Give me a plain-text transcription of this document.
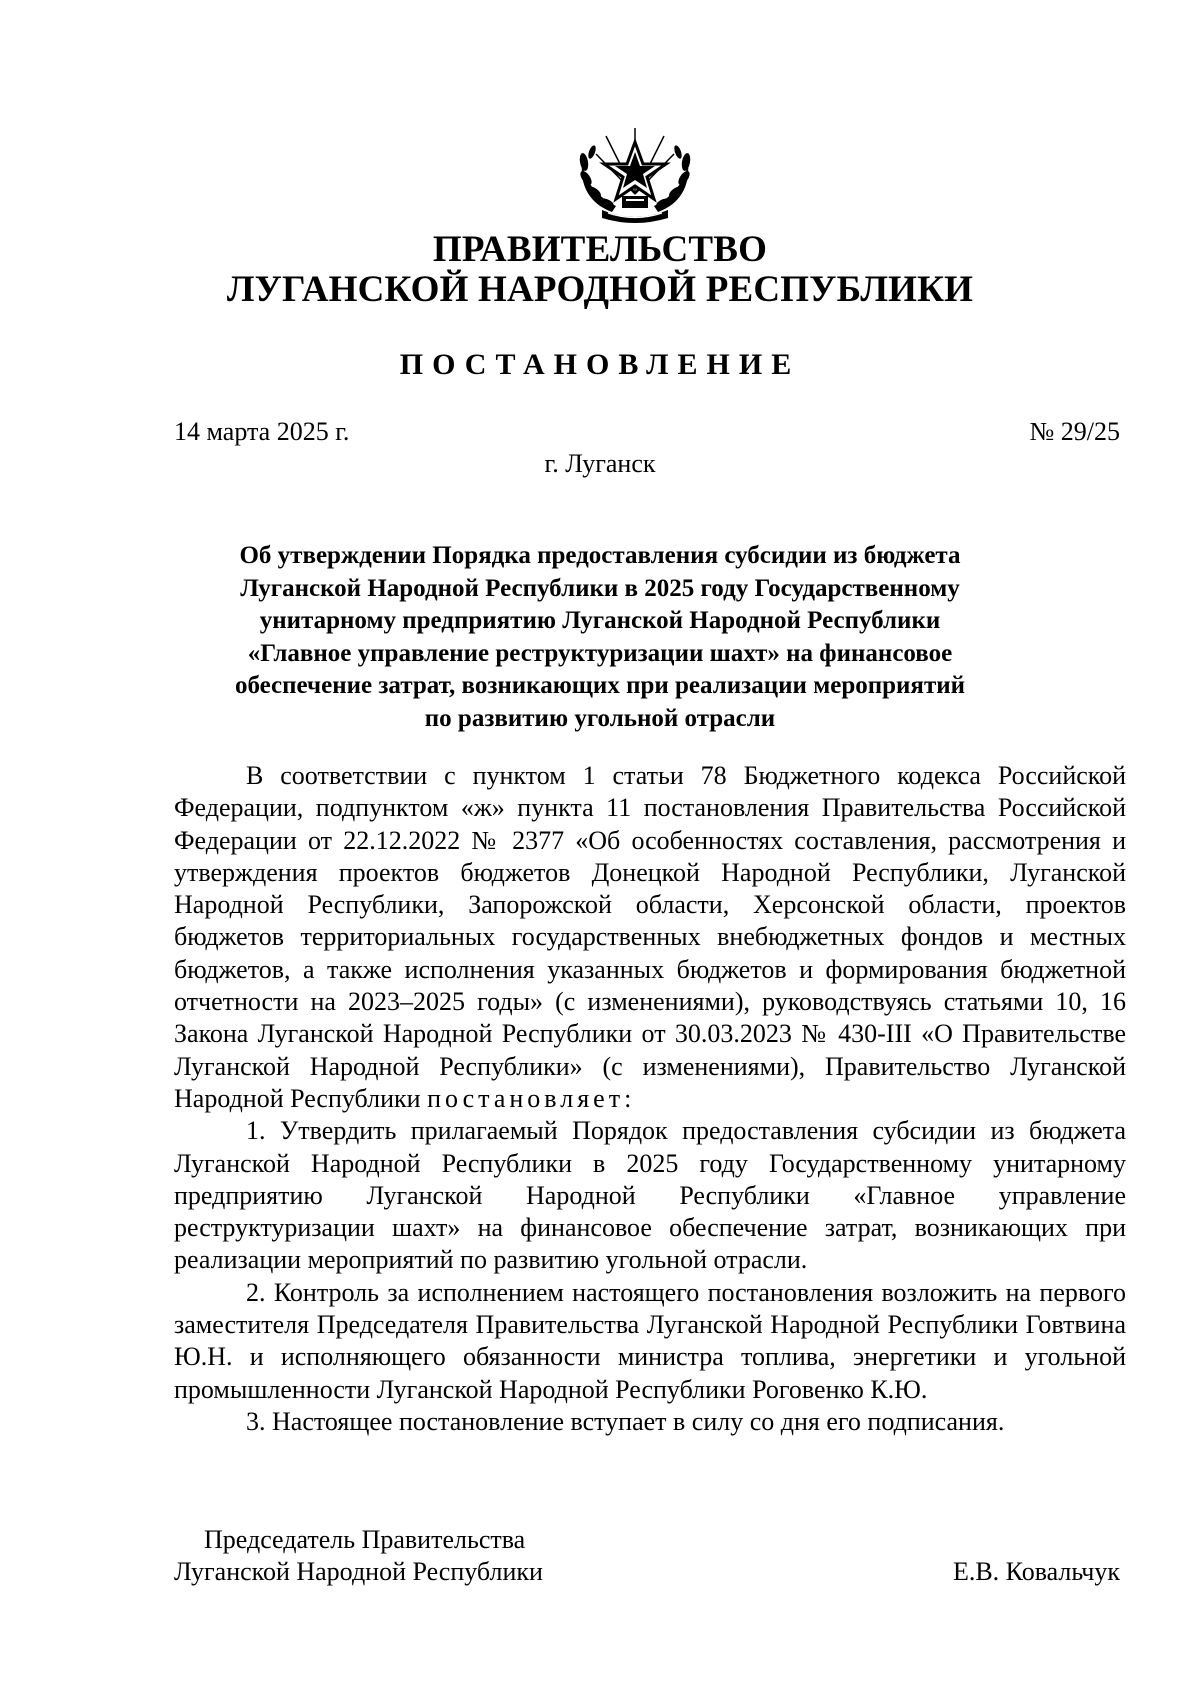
ПРАВИТЕЛЬСТВО
ЛУГАНСКОЙ НАРОДНОЙ РЕСПУБЛИКИ
ПОСТАНОВЛЕНИЕ
14 марта 2025 г.	№ 29/25
г. Луганск
Об утверждении Порядка предоставления субсидии из бюджета
Луганской Народной Республики в 2025 году Государственному
унитарному предприятию Луганской Народной Республики
«Главное управление реструктуризации шахт» на финансовое
обеспечение затрат, возникающих при реализации мероприятий
по развитию угольной отрасли

В соответствии с пунктом 1 статьи 78 Бюджетного кодекса Российской Федерации, подпунктом «ж» пункта 11 постановления Правительства Российской Федерации от 22.12.2022 № 2377 «Об особенностях составления, рассмотрения и утверждения проектов бюджетов Донецкой Народной Республики, Луганской Народной Республики, Запорожской области, Херсонской области, проектов бюджетов территориальных государственных внебюджетных фондов и местных бюджетов, а также исполнения указанных бюджетов и формирования бюджетной отчетности на 2023–2025 годы» (с изменениями), руководствуясь статьями 10, 16 Закона Луганской Народной Республики от 30.03.2023 № 430-III «О Правительстве Луганской Народной Республики» (с изменениями), Правительство Луганской Народной Республики постановляет:

1. Утвердить прилагаемый Порядок предоставления субсидии из бюджета Луганской Народной Республики в 2025 году Государственному унитарному предприятию Луганской Народной Республики «Главное управление реструктуризации шахт» на финансовое обеспечение затрат, возникающих при реализации мероприятий по развитию угольной отрасли.

2. Контроль за исполнением настоящего постановления возложить на первого заместителя Председателя Правительства Луганской Народной Республики Говтвина Ю.Н. и исполняющего обязанности министра топлива, энергетики и угольной промышленности Луганской Народной Республики Роговенко К.Ю.

3. Настоящее постановление вступает в силу со дня его подписания.

Председатель Правительства
Луганской Народной Республики	Е.В. Ковальчук
